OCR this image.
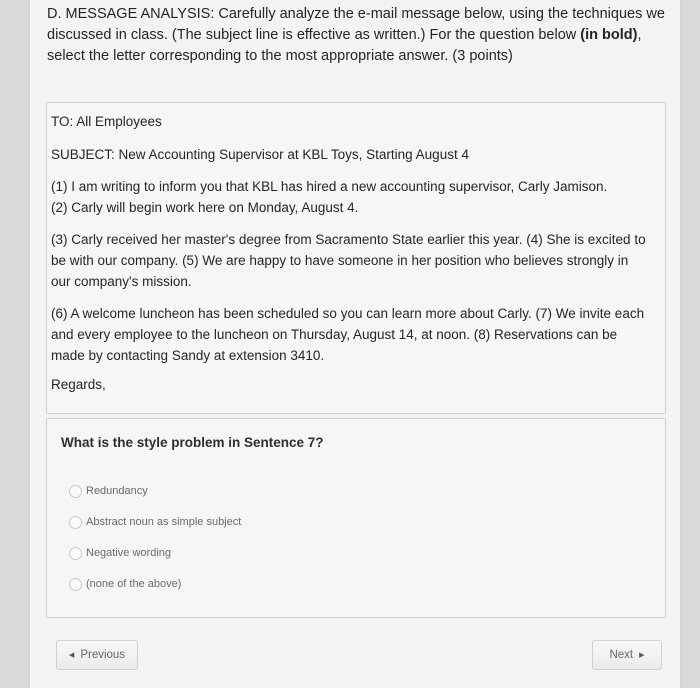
D. MESSAGE ANALYSIS: Carefully analyze the e-mail message below, using the techniques we discussed in class. (The subject line is effective as written.) For the question below (in bold), select the letter corresponding to the most appropriate answer. (3 points)
TO: All Employees
SUBJECT: New Accounting Supervisor at KBL Toys, Starting August 4
(1) I am writing to inform you that KBL has hired a new accounting supervisor, Carly Jamison.
(2) Carly will begin work here on Monday, August 4.
(3) Carly received her master's degree from Sacramento State earlier this year. (4) She is excited to
be with our company. (5) We are happy to have someone in her position who believes strongly in
our company's mission.
(6) A welcome luncheon has been scheduled so you can learn more about Carly. (7) We invite each
and every employee to the luncheon on Thursday, August 14, at noon. (8) Reservations can be
made by contacting Sandy at extension 3410.
Regards,
What is the style problem in Sentence 7?
Redundancy
Abstract noun as simple subject
Negative wording
(none of the above)
◀ Previous	Next ▶
